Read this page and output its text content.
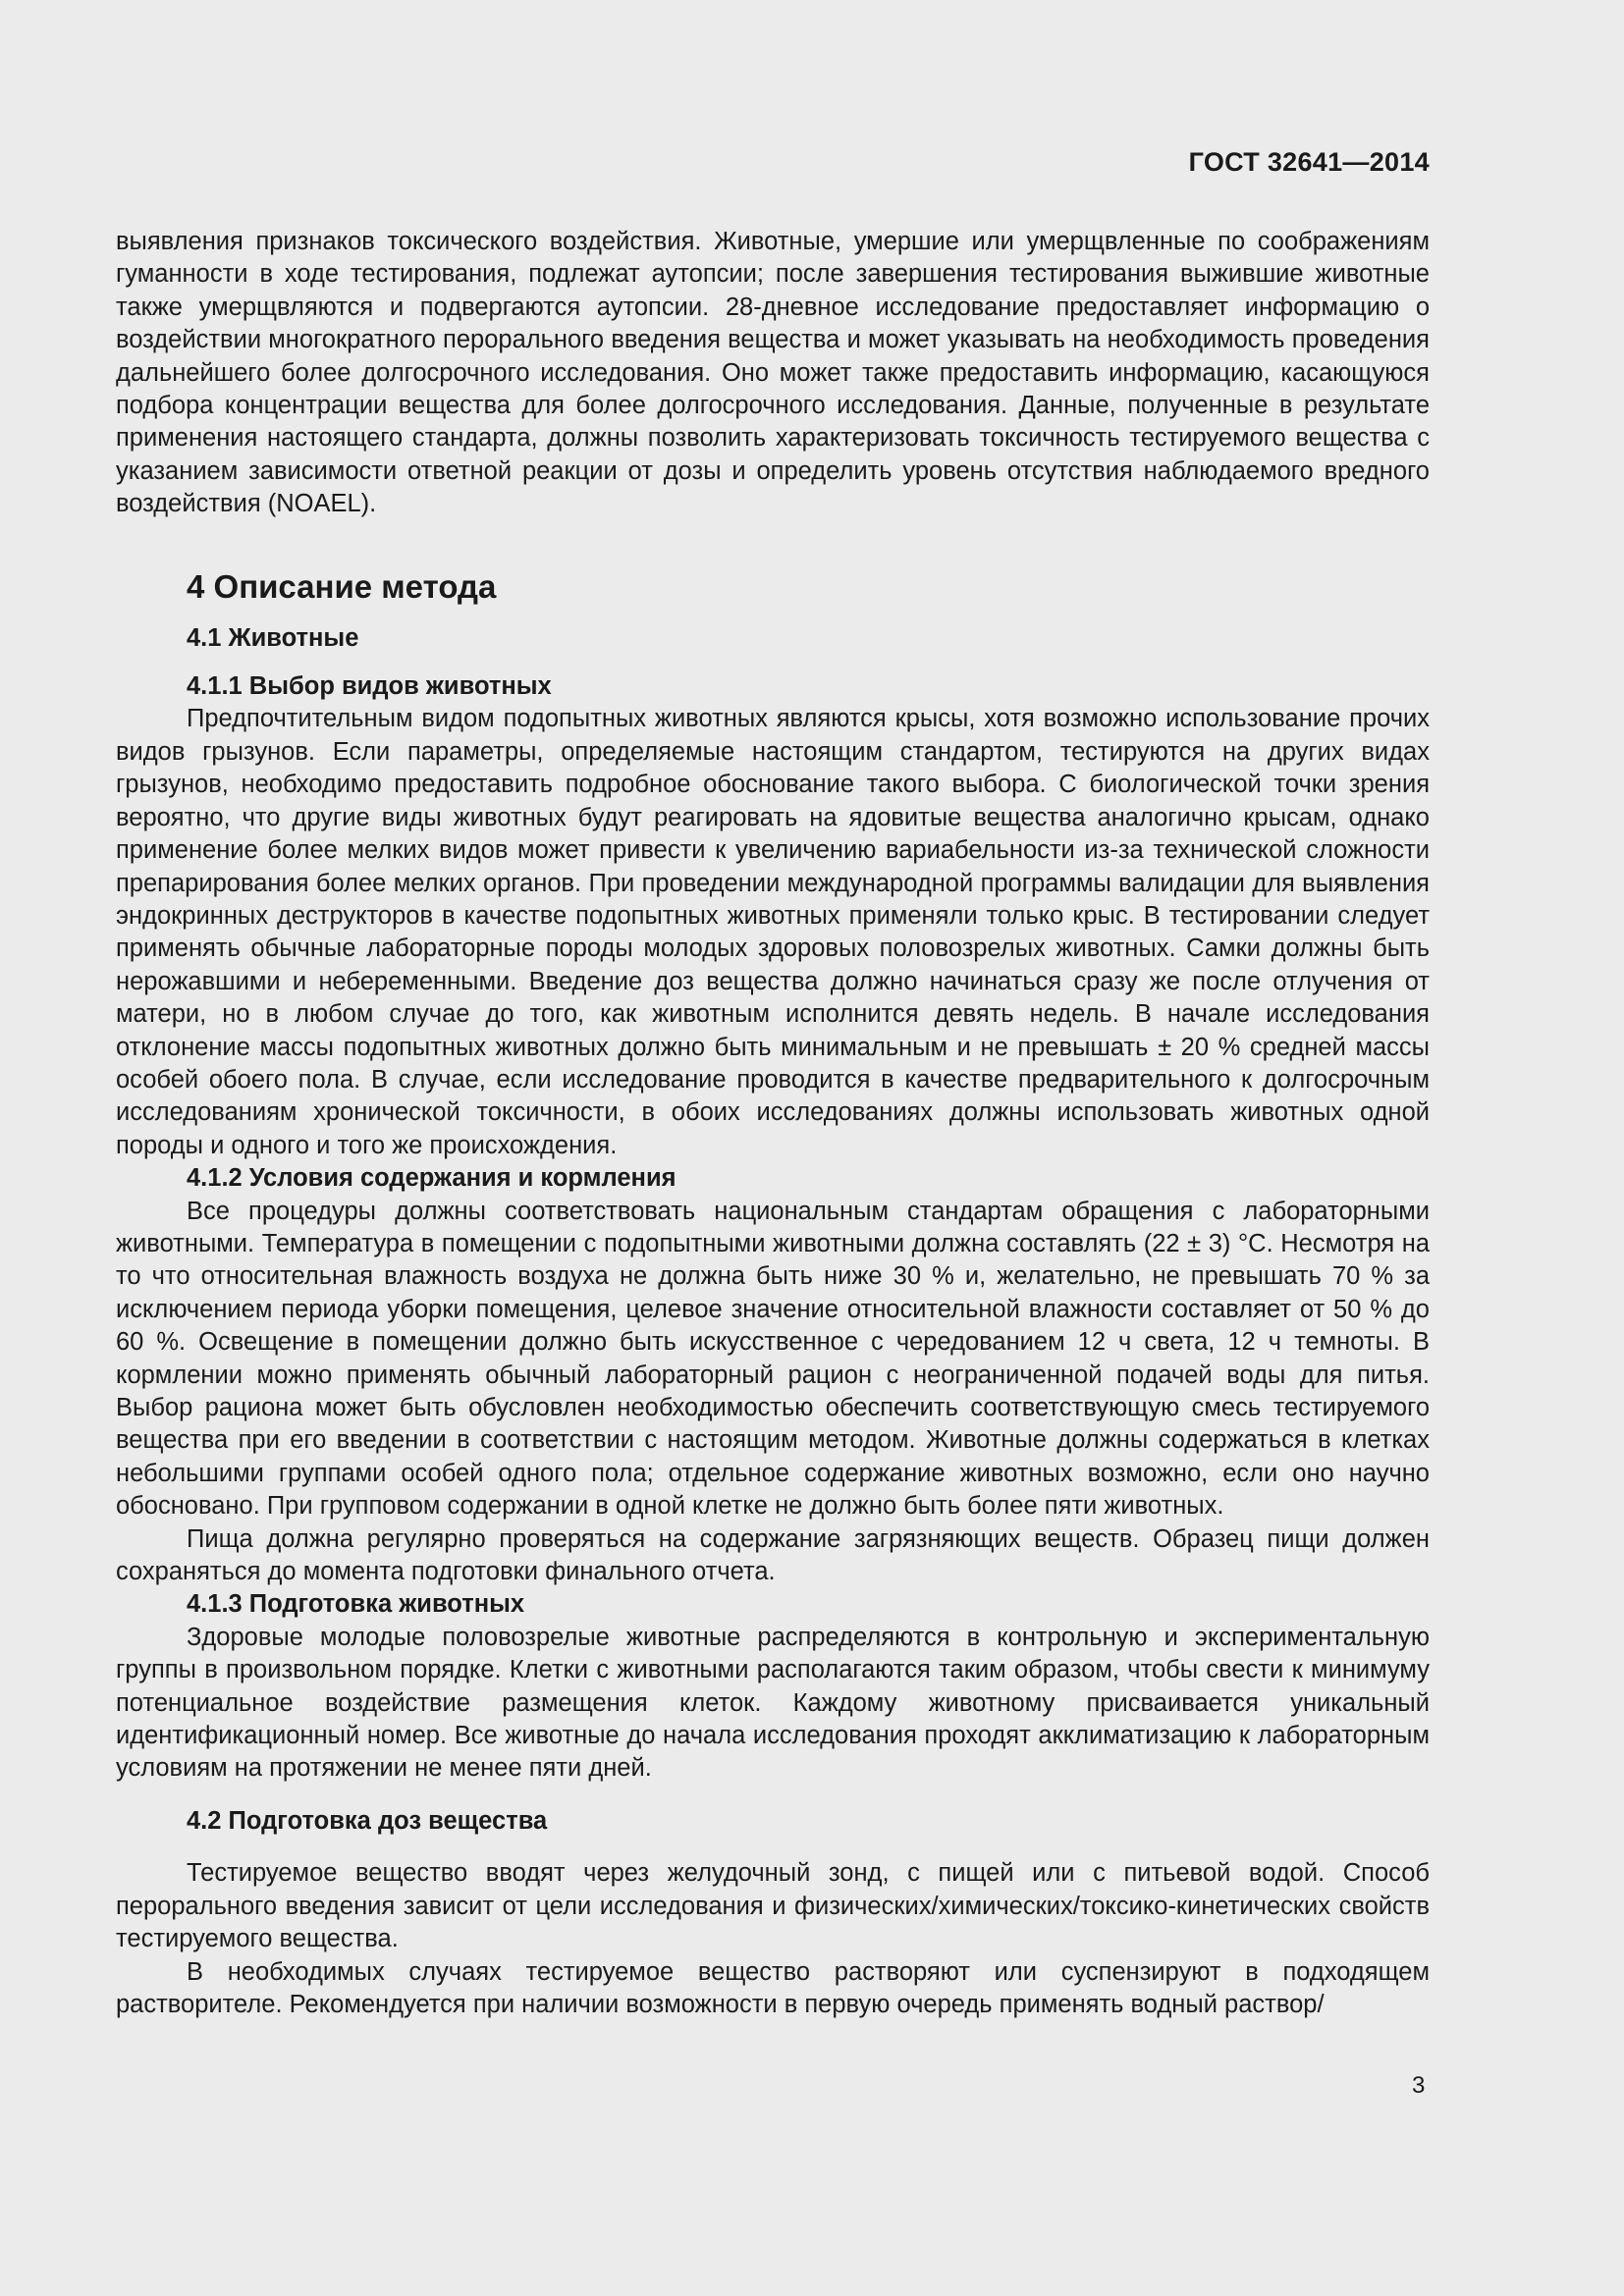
ГОСТ 32641—2014

выявления признаков токсического воздействия. Животные, умершие или умерщвленные по соображениям гуманности в ходе тестирования, подлежат аутопсии; после завершения тестирования выжившие животные также умерщвляются и подвергаются аутопсии. 28-дневное исследование предоставляет информацию о воздействии многократного перорального введения вещества и может указывать на необходимость проведения дальнейшего более долгосрочного исследования. Оно может также предоставить информацию, касающуюся подбора концентрации вещества для более долгосрочного исследования. Данные, полученные в результате применения настоящего стандарта, должны позволить характеризовать токсичность тестируемого вещества с указанием зависимости ответной реакции от дозы и определить уровень отсутствия наблюдаемого вредного воздействия (NOAEL).

4 Описание метода
4.1 Животные
4.1.1 Выбор видов животных

Предпочтительным видом подопытных животных являются крысы, хотя возможно использование прочих видов грызунов. Если параметры, определяемые настоящим стандартом, тестируются на других видах грызунов, необходимо предоставить подробное обоснование такого выбора. С биологической точки зрения вероятно, что другие виды животных будут реагировать на ядовитые вещества аналогично крысам, однако применение более мелких видов может привести к увеличению вариабельности из-за технической сложности препарирования более мелких органов. При проведении международной программы валидации для выявления эндокринных деструкторов в качестве подопытных животных применяли только крыс. В тестировании следует применять обычные лабораторные породы молодых здоровых половозрелых животных. Самки должны быть нерожавшими и небеременными. Введение доз вещества должно начинаться сразу же после отлучения от матери, но в любом случае до того, как животным исполнится девять недель. В начале исследования отклонение массы подопытных животных должно быть минимальным и не превышать ± 20 % средней массы особей обоего пола. В случае, если исследование проводится в качестве предварительного к долгосрочным исследованиям хронической токсичности, в обоих исследованиях должны использовать животных одной породы и одного и того же происхождения.

4.1.2 Условия содержания и кормления

Все процедуры должны соответствовать национальным стандартам обращения с лабораторными животными. Температура в помещении с подопытными животными должна составлять (22 ± 3) °С. Несмотря на то что относительная влажность воздуха не должна быть ниже 30 % и, желательно, не превышать 70 % за исключением периода уборки помещения, целевое значение относительной влажности составляет от 50 % до 60 %. Освещение в помещении должно быть искусственное с чередованием 12 ч света, 12 ч темноты. В кормлении можно применять обычный лабораторный рацион с неограниченной подачей воды для питья. Выбор рациона может быть обусловлен необходимостью обеспечить соответствующую смесь тестируемого вещества при его введении в соответствии с настоящим методом. Животные должны содержаться в клетках небольшими группами особей одного пола; отдельное содержание животных возможно, если оно научно обосновано. При групповом содержании в одной клетке не должно быть более пяти животных.

Пища должна регулярно проверяться на содержание загрязняющих веществ. Образец пищи должен сохраняться до момента подготовки финального отчета.

4.1.3 Подготовка животных

Здоровые молодые половозрелые животные распределяются в контрольную и экспериментальную группы в произвольном порядке. Клетки с животными располагаются таким образом, чтобы свести к минимуму потенциальное воздействие размещения клеток. Каждому животному присваивается уникальный идентификационный номер. Все животные до начала исследования проходят акклиматизацию к лабораторным условиям на протяжении не менее пяти дней.

4.2 Подготовка доз вещества

Тестируемое вещество вводят через желудочный зонд, с пищей или с питьевой водой. Способ перорального введения зависит от цели исследования и физических/химических/токсико-кинетических свойств тестируемого вещества.

В необходимых случаях тестируемое вещество растворяют или суспензируют в подходящем растворителе. Рекомендуется при наличии возможности в первую очередь применять водный раствор/

3
